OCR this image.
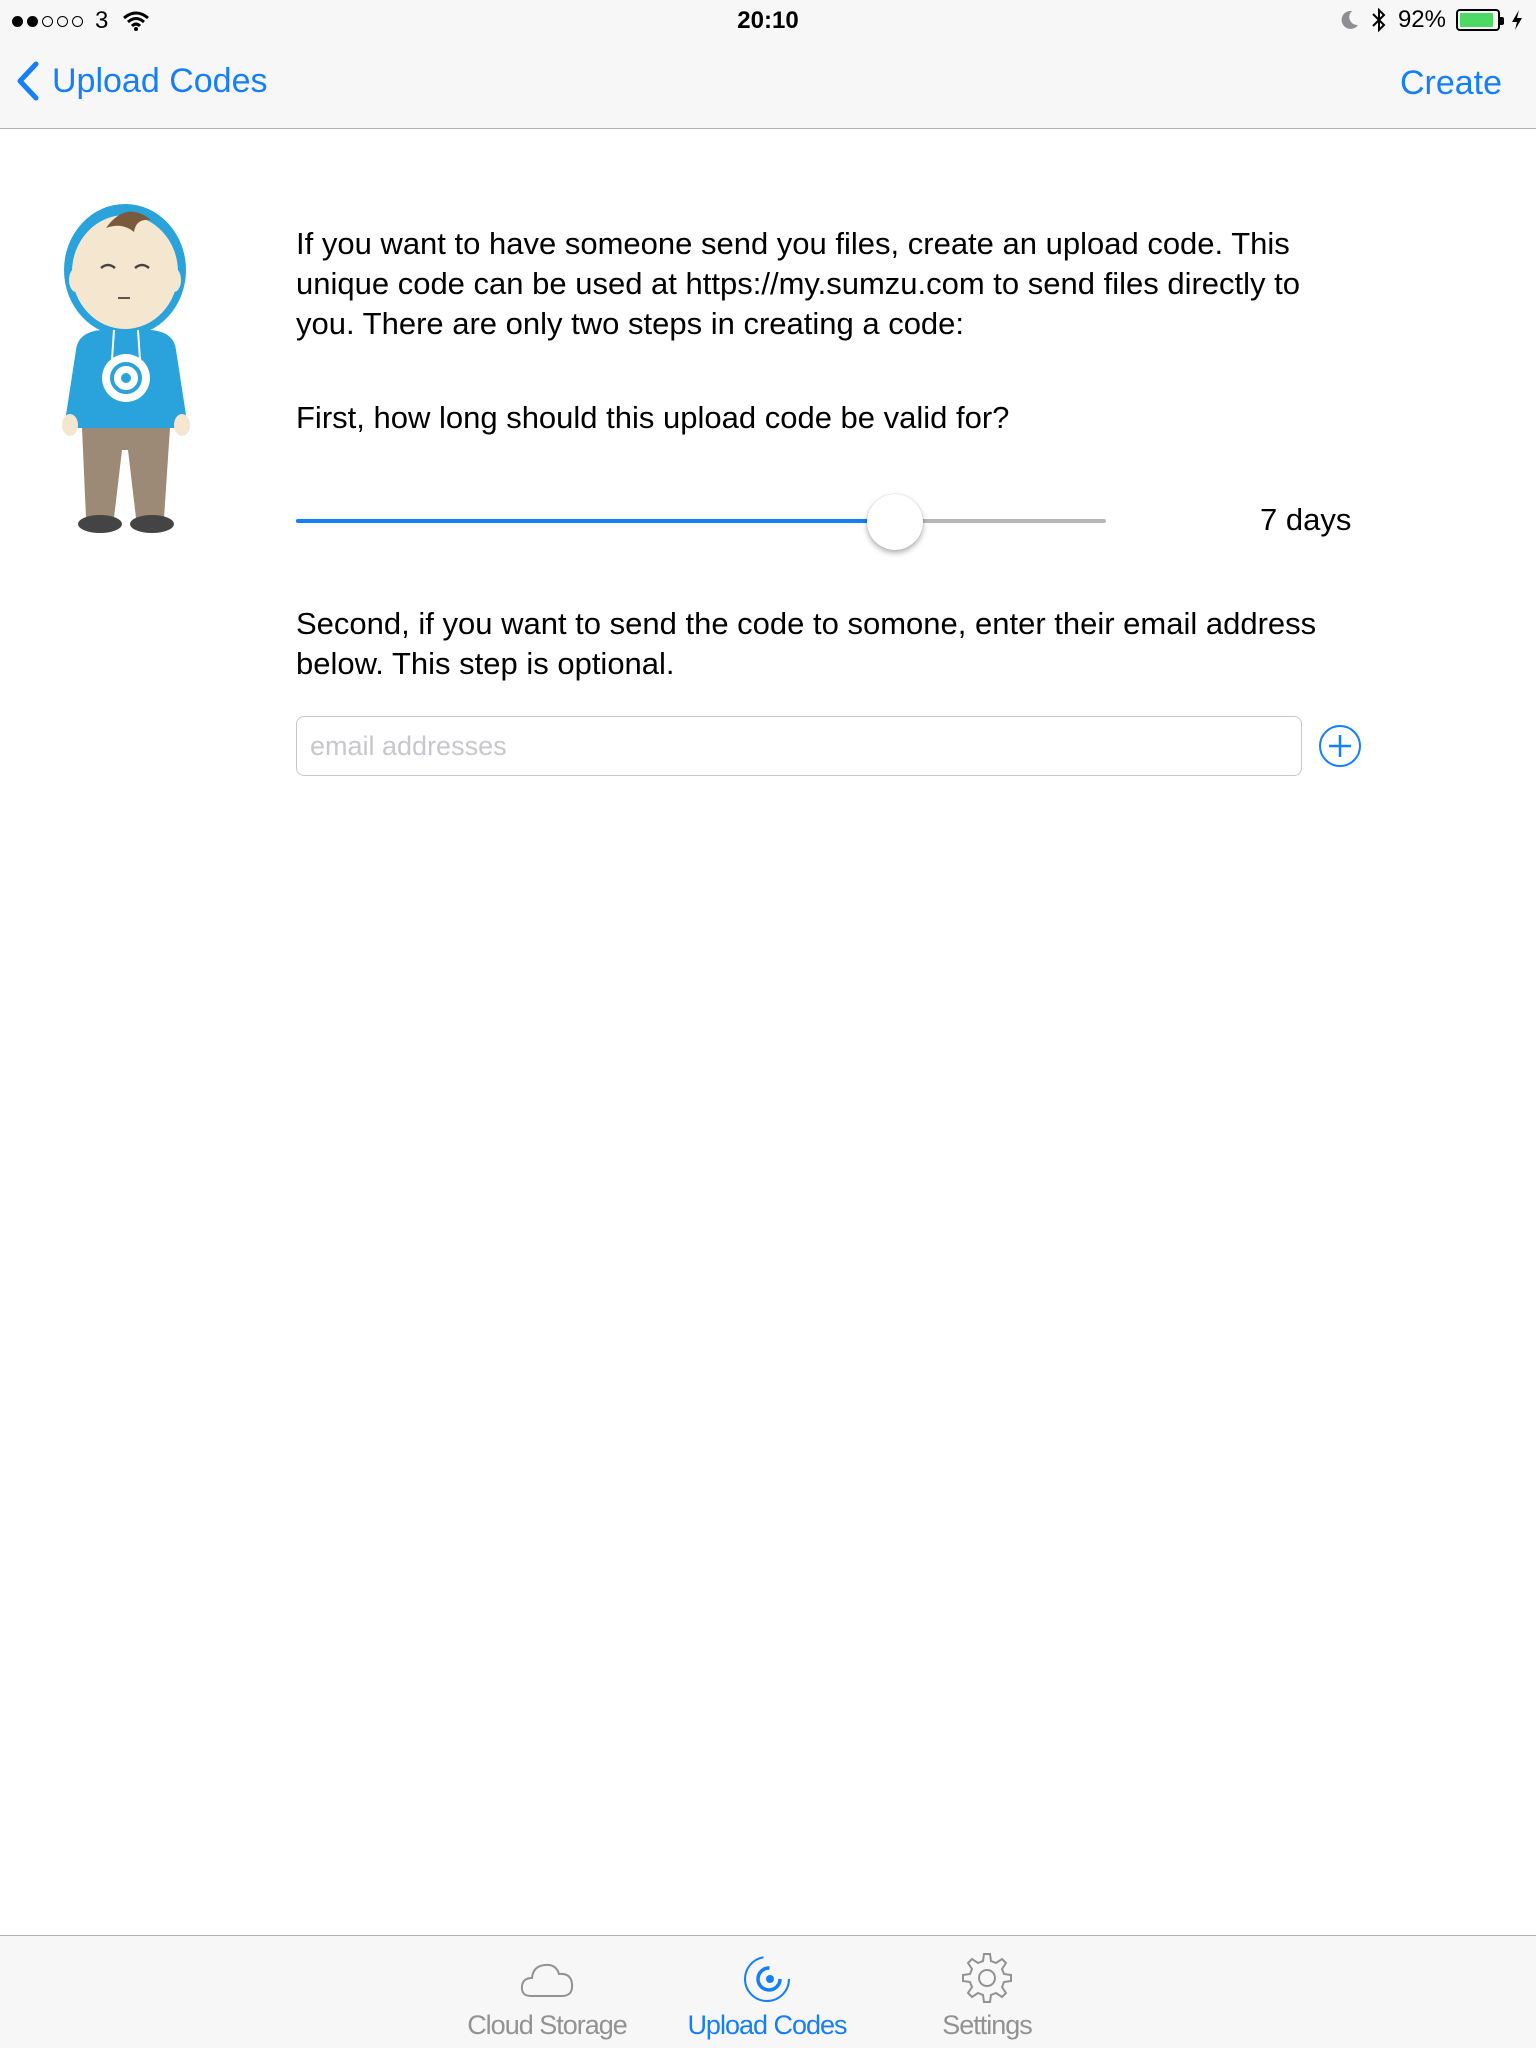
3	20:10	92%
Upload Codes	Create

If you want to have someone send you files, create an upload code. This unique code can be used at https://my.sumzu.com to send files directly to you. There are only two steps in creating a code:

First, how long should this upload code be valid for?

7 days

Second, if you want to send the code to somone, enter their email address below. This step is optional.

email addresses
Cloud Storage	Upload Codes	Settings
